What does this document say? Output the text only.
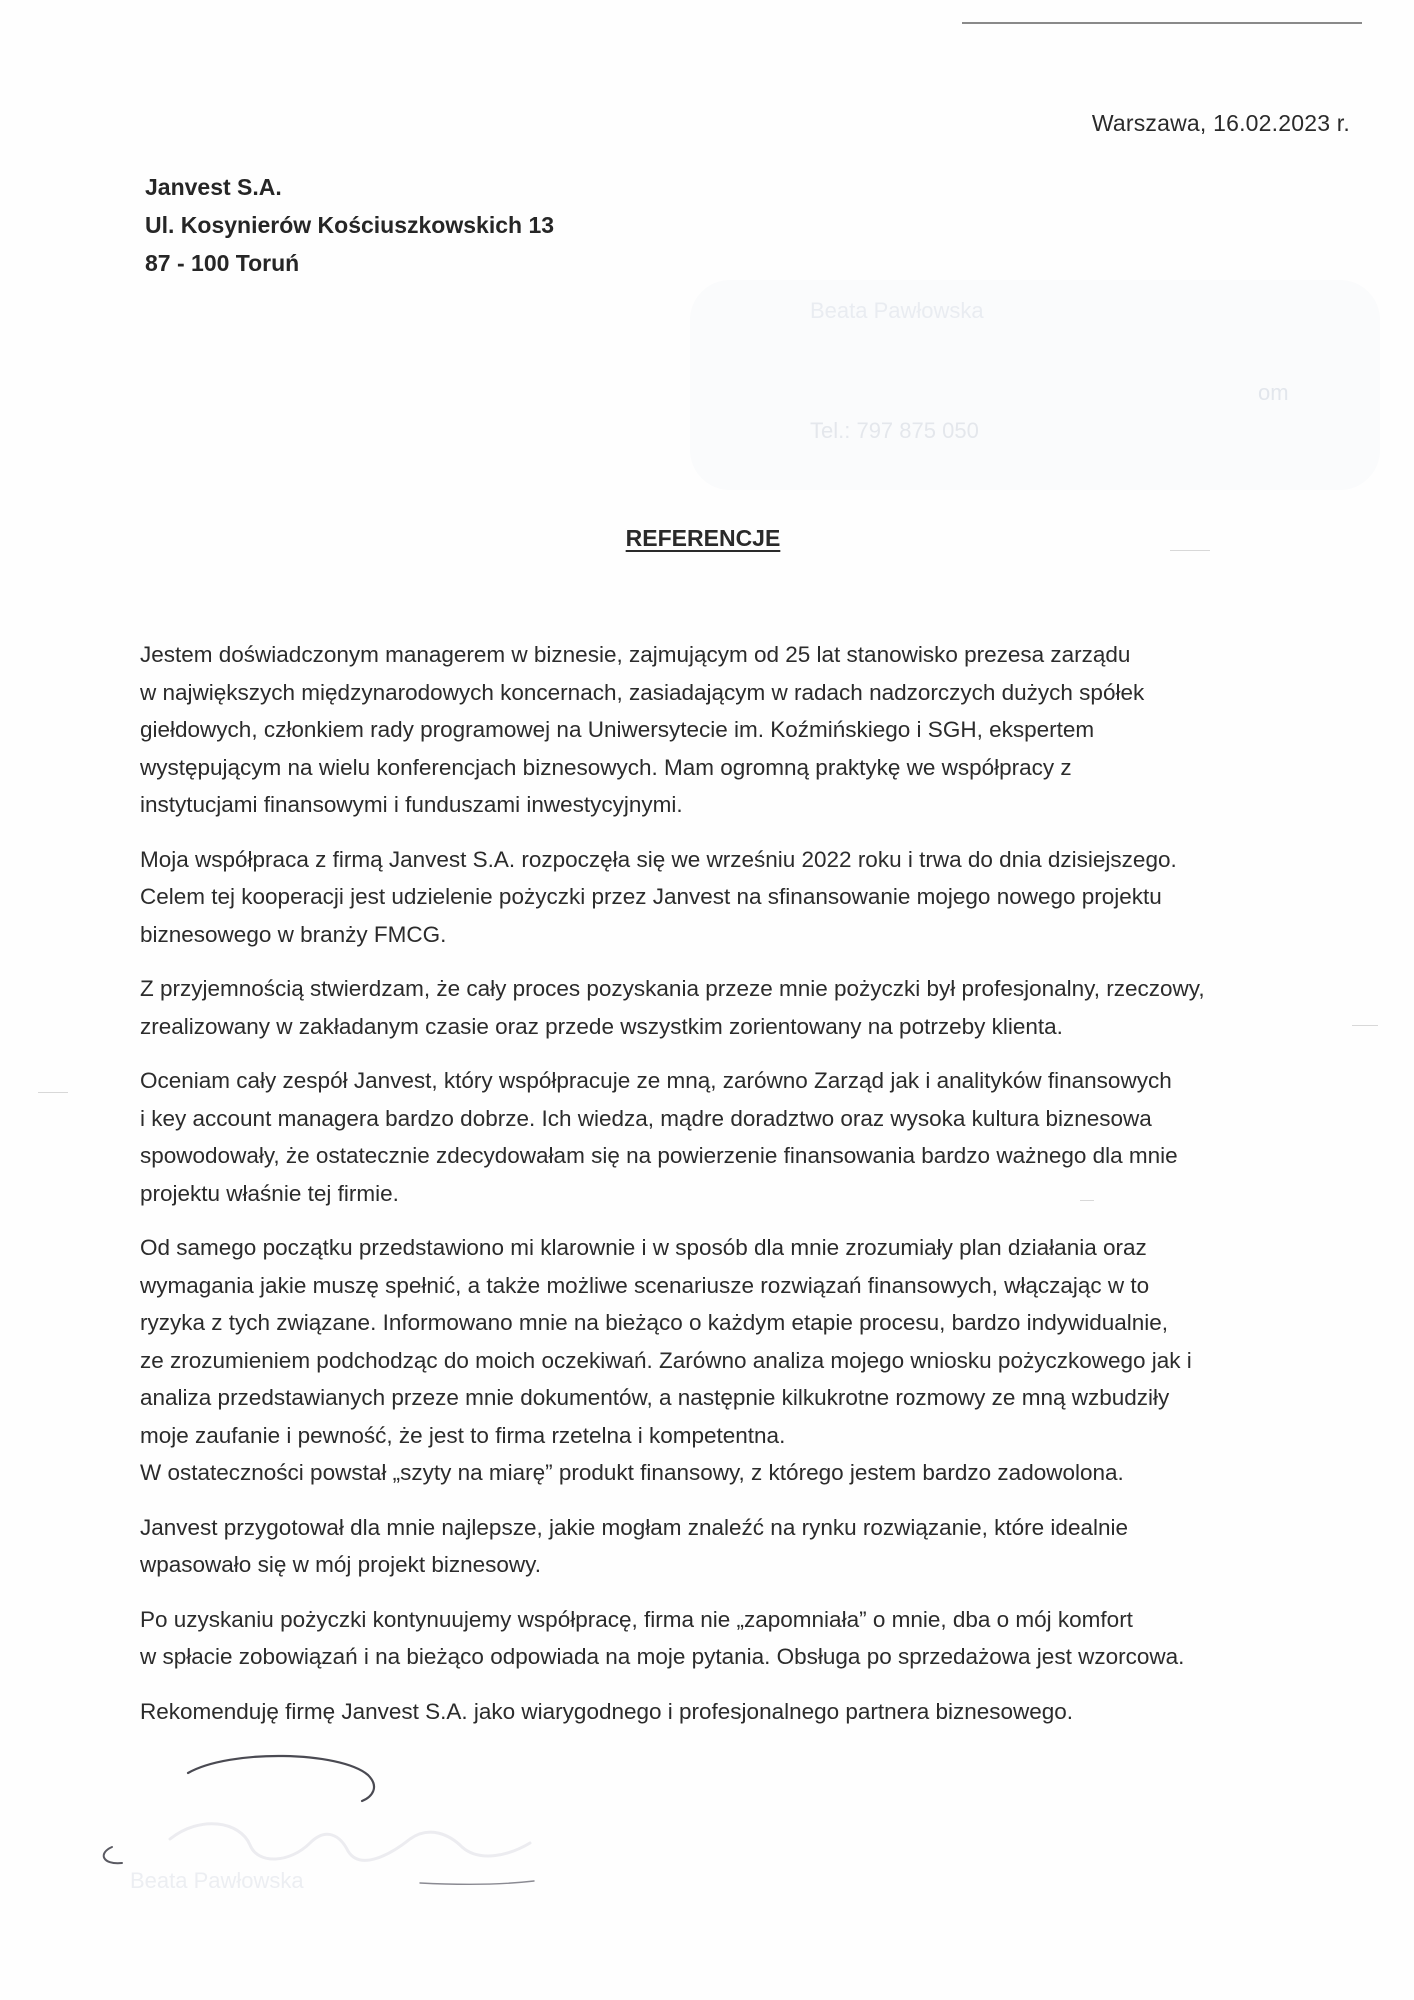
Warszawa, 16.02.2023 r.
Janvest S.A.
Ul. Kosynierów Kościuszkowskich 13
87 - 100 Toruń
Beata Pawłowska
om
Tel.: 797 875 050
REFERENCJE

Jestem doświadczonym managerem w biznesie, zajmującym od 25 lat stanowisko prezesa zarządu
w największych międzynarodowych koncernach, zasiadającym w radach nadzorczych dużych spółek
giełdowych, członkiem rady programowej na Uniwersytecie im. Koźmińskiego i SGH, ekspertem
występującym na wielu konferencjach biznesowych. Mam ogromną praktykę we współpracy z
instytucjami finansowymi i funduszami inwestycyjnymi.

Moja współpraca z firmą Janvest S.A. rozpoczęła się we wrześniu 2022 roku i trwa do dnia dzisiejszego.
Celem tej kooperacji jest udzielenie pożyczki przez Janvest na sfinansowanie mojego nowego projektu
biznesowego w branży FMCG.

Z przyjemnością stwierdzam, że cały proces pozyskania przeze mnie pożyczki był profesjonalny, rzeczowy,
zrealizowany w zakładanym czasie oraz przede wszystkim zorientowany na potrzeby klienta.

Oceniam cały zespół Janvest, który współpracuje ze mną, zarówno Zarząd jak i analityków finansowych
i key account managera bardzo dobrze. Ich wiedza, mądre doradztwo oraz wysoka kultura biznesowa
spowodowały, że ostatecznie zdecydowałam się na powierzenie finansowania bardzo ważnego dla mnie
projektu właśnie tej firmie.

Od samego początku przedstawiono mi klarownie i w sposób dla mnie zrozumiały plan działania oraz
wymagania jakie muszę spełnić, a także możliwe scenariusze rozwiązań finansowych, włączając w to
ryzyka z tych związane. Informowano mnie na bieżąco o każdym etapie procesu, bardzo indywidualnie,
ze zrozumieniem podchodząc do moich oczekiwań. Zarówno analiza mojego wniosku pożyczkowego jak i
analiza przedstawianych przeze mnie dokumentów, a następnie kilkukrotne rozmowy ze mną wzbudziły
moje zaufanie i pewność, że jest to firma rzetelna i kompetentna.
W ostateczności powstał „szyty na miarę” produkt finansowy, z którego jestem bardzo zadowolona.

Janvest przygotował dla mnie najlepsze, jakie mogłam znaleźć na rynku rozwiązanie, które idealnie
wpasowało się w mój projekt biznesowy.

Po uzyskaniu pożyczki kontynuujemy współpracę, firma nie „zapomniała” o mnie, dba o mój komfort
w spłacie zobowiązań i na bieżąco odpowiada na moje pytania. Obsługa po sprzedażowa jest wzorcowa.

Rekomenduję firmę Janvest S.A. jako wiarygodnego i profesjonalnego partnera biznesowego.

Beata Pawłowska
